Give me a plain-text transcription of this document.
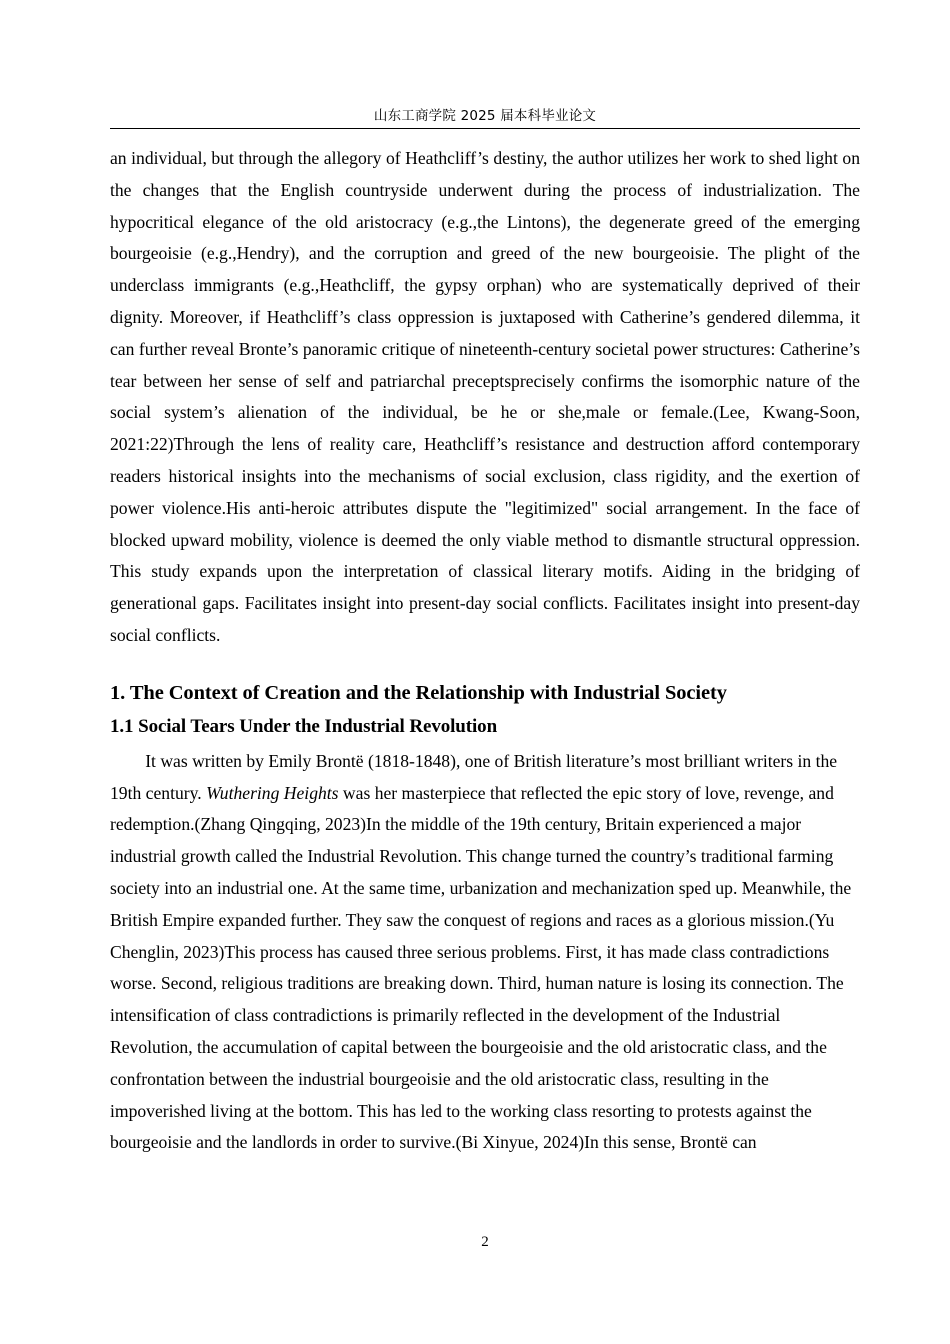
山东工商学院 2025 届本科毕业论文

an individual, but through the allegory of Heathcliff’s destiny, the author utilizes her work to shed light on the changes that the English countryside underwent during the process of industrialization. The hypocritical elegance of the old aristocracy (e.g.,the Lintons), the degenerate greed of the emerging bourgeoisie (e.g.,Hendry), and the corruption and greed of the new bourgeoisie. The plight of the underclass immigrants (e.g.,Heathcliff, the gypsy orphan) who are systematically deprived of their dignity. Moreover, if Heathcliff’s class oppression is juxtaposed with Catherine’s gendered dilemma, it can further reveal Bronte’s panoramic critique of nineteenth-century societal power structures: Catherine’s tear between her sense of self and patriarchal preceptsprecisely confirms the isomorphic nature of the social system’s alienation of the individual, be he or she,male or female.(Lee, Kwang-Soon, 2021:22)Through the lens of reality care, Heathcliff’s resistance and destruction afford contemporary readers historical insights into the mechanisms of social exclusion, class rigidity, and the exertion of power violence.His anti-heroic attributes dispute the "legitimized" social arrangement. In the face of blocked upward mobility, violence is deemed the only viable method to dismantle structural oppression. This study expands upon the interpretation of classical literary motifs. Aiding in the bridging of generational gaps. Facilitates insight into present-day social conflicts. Facilitates insight into present-day social conflicts.

1. The Context of Creation and the Relationship with Industrial Society
1.1 Social Tears Under the Industrial Revolution

It was written by Emily Brontë (1818-1848), one of British literature’s most brilliant writers in the 19th century. Wuthering Heights was her masterpiece that reflected the epic story of love, revenge, and redemption.(Zhang Qingqing, 2023)In the middle of the 19th century, Britain experienced a major industrial growth called the Industrial Revolution. This change turned the country’s traditional farming society into an industrial one. At the same time, urbanization and mechanization sped up. Meanwhile, the British Empire expanded further. They saw the conquest of regions and races as a glorious mission.(Yu Chenglin, 2023)This process has caused three serious problems. First, it has made class contradictions worse. Second, religious traditions are breaking down. Third, human nature is losing its connection. The intensification of class contradictions is primarily reflected in the development of the Industrial Revolution, the accumulation of capital between the bourgeoisie and the old aristocratic class, and the confrontation between the industrial bourgeoisie and the old aristocratic class, resulting in the impoverished living at the bottom. This has led to the working class resorting to protests against the bourgeoisie and the landlords in order to survive.(Bi Xinyue, 2024)In this sense, Brontë can

2
